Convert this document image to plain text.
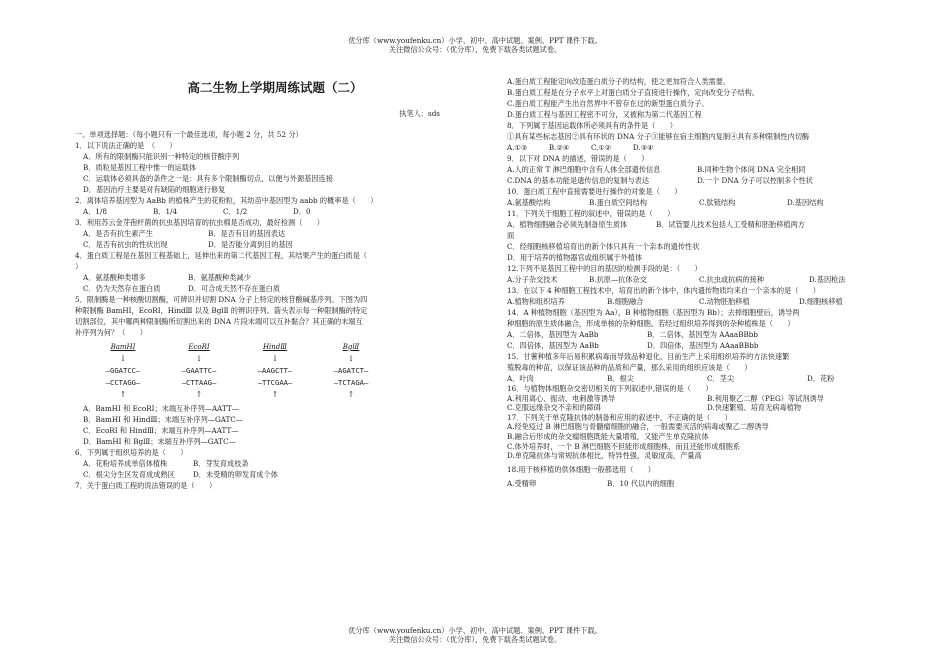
优分库（www.youfenku.cn）小学、初中、高中试题、案例、PPT 课件下载。
关注微信公众号：（优分库），免费下载各类试题试卷。
高二生物上学期周练试题（二）
执笔人：sds
一、单项选择题：（每小题只有一个最佳选项，每小题 2 分，共 52 分）
1．以下说法正确的是　（　　）
A．所有的限制酶只能识别一种特定的核苷酸序列
B．质粒是基因工程中惟一的运载体
C．运载体必须具备的条件之一是：具有多个限制酶切点，以便与外源基因连接
D．基因治疗主要是对有缺陷的细胞进行修复
2．离体培养基因型为 AaBb 的植株产生的花粉粒，其幼苗中基因型为 aabb 的概率是（　　）
A．1/8	B．1/4	C．1/2	D．0
3．利用苏云金芽孢杆菌的抗虫基因培育的抗虫棉是否成功，最好检测（　　）
A．是否有抗生素产生	B．是否有目的基因表达
C．是否有抗虫的性状出现	D．是否能分离到目的基因
4．蛋白质工程是在基因工程基础上，延伸出来的第二代基因工程，其结果产生的蛋白质是（
）
A．氨基酸种类增多	B．氨基酸种类减少
C．仍为天然存在蛋白质	D．可合成天然不存在蛋白质
5．限制酶是一种核酸切割酶，可辨识并切割 DNA 分子上特定的核苷酸碱基序列。下图为四
种限制酶 BamHⅠ，EcoRⅠ，HindⅢ 以及 BglⅡ 的辨识序列。箭头表示每一种限制酶的特定
切割部位，其中哪两种限制酶所切割出来的 DNA 片段末端可以互补黏合？其正确的末端互
补序列为何？（　　）
BamHⅠ
↓
—GGATCC—
—CCTAGG—
↑
EcoRⅠ
↓
—GAATTC—
—CTTAAG—
↑
HindⅢ
↓
—AAGCTT—
—TTCGAA—
↑
BglⅡ
↓
—AGATCT—
—TCTAGA—
↑
A．BamHⅠ 和 EcoRⅠ；末端互补序列—AATT—
B．BamHⅠ 和 HindⅢ；末端互补序列—GATC—
C．EcoRⅠ 和 HindⅢ；末端互补序列—AATT—
D．BamHⅠ 和 BglⅡ；末端互补序列—GATC—
6．下列属于组织培养的是（　　）
A．花粉培养成单倍体植株	B．芽发育成枝条
C．根尖分生区发育成成熟区	D．未受精的卵发育成个体
7．关于蛋白质工程的说法错误的是（　　）
A.蛋白质工程能定向改造蛋白质分子的结构，使之更加符合人类需要。
B.蛋白质工程是在分子水平上对蛋白质分子直接进行操作，定向改变分子结构。
C.蛋白质工程能产生出自然界中不曾存在过的新型蛋白质分子。
D.蛋白质工程与基因工程密不可分，又被称为第二代基因工程
8．下列属于基因运载体所必须具有的条件是（　　）
①具有某些标志基因②具有环状的 DNA 分子③能够在宿主细胞内复制④具有多种限制性内切酶
A.①③　　　B.②④　　　C.①②　　　D.③④
9．以下对 DNA 的描述，错误的是（　　）
A.人的正常 T 淋巴细胞中含有人体全部遗传信息	B.同种生物个体间 DNA 完全相同
C.DNA 的基本功能是遗传信息的复制与表达	D.一个 DNA 分子可以控制多个性状
10．蛋白质工程中直接需要进行操作的对象是（　　）
A.氨基酸结构	B.蛋白质空间结构	C.肽链结构	D.基因结构
11．下列关于细胞工程的叙述中，错误的是（　　）
A．植物细胞融合必须先制备原生质体　　　　B．试管婴儿技术包括人工受精和胚胎移植两方
面
C．经细胞核移植培育出的新个体只具有一个亲本的遗传性状
D．用于培养的植物器官或组织属于外植体
12.下列不是基因工程中的目的基因的检测手段的是：（　　）
A.分子杂交技术	B.抗原—抗体杂交	C.抗虫或抗病的接种	D.基因枪法
13．在以下 4 种细胞工程技术中，培育出的新个体中，体内遗传物质均来自一个亲本的是（　　）
A.植物和组织培养	B.细胞融合	C.动物胚胎移植	D.细胞核移植
14．A 种植物细胞（基因型为 Aa），B 种植物细胞（基因型为 Bb）；去掉细胞壁后，诱导两
种细胞的原生质体融合，形成单核的杂种细胞。若经过组织培养得到的杂种植株是（　　）
A．二倍体，基因型为 AaBb	B．二倍体，基因型为 AAaaBBbb
C．四倍体，基因型为 AaBb	D．四倍体，基因型为 AAaaBBbb
15．甘薯种植多年后易积累病毒而导致品种退化，目前生产上采用组织培养的方法快速繁
殖脱毒的种苗，以保证该品种的品质和产量，那么采用的组织应该是（　　）
A．叶肉	B．根尖	C．茎尖	D．花粉
16．与植物体细胞杂交密切相关的下列叙述中,错误的是（　　）
A.利用离心、振动、电刺激等诱导	B.利用聚乙二醇（PEG）等试剂诱导
C.克服远缘杂交不亲和的障碍	D.快速繁殖、培育无病毒植物
17．下列关于单克隆抗体的制备和应用的叙述中，不正确的是（　　）
A.经免疫过 B 淋巴细胞与骨髓瘤细胞的融合，一般需要灭活的病毒或聚乙二醇诱导
B.融合后形成的杂交瘤细胞既能大量增殖，又能产生单克隆抗体
C.体外培养时，一个 B 淋巴细胞不但能形成细胞株，而且还能形成细胞系
D.单克隆抗体与常规抗体相比，特异性强，灵敏度高，产量高
18.用于核移植的供体细胞一般都选用（　　）
A.受精卵	B．10 代以内的细胞
优分库（www.youfenku.cn）小学、初中、高中试题、案例、PPT 课件下载。
关注微信公众号：（优分库），免费下载各类试题试卷。
